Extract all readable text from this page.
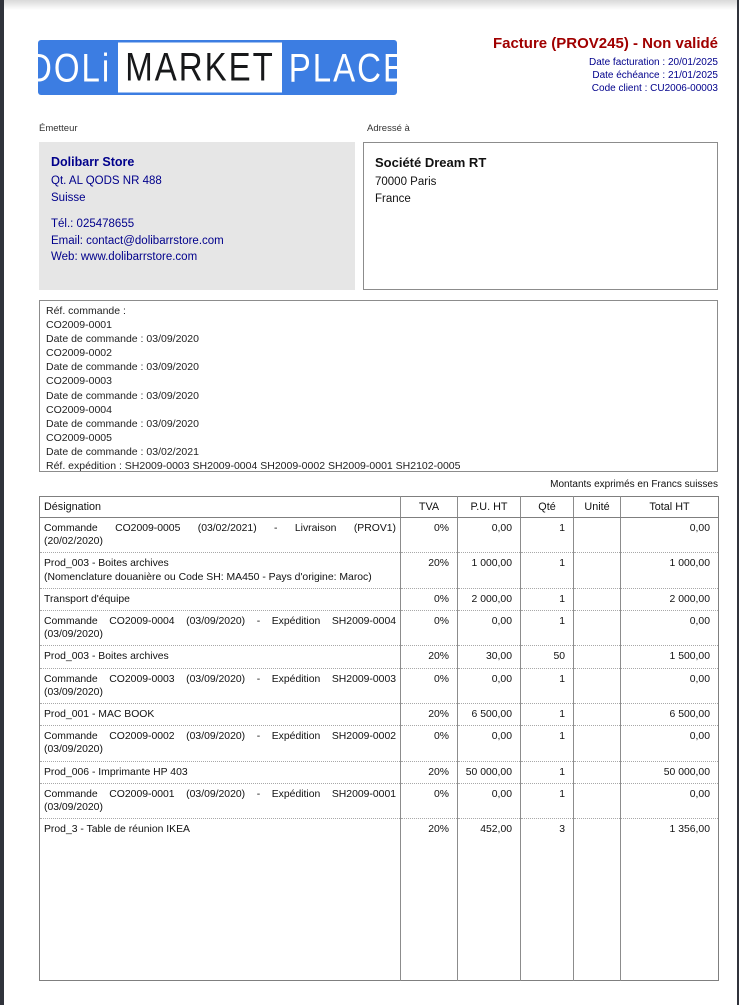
DOLi MARKET PLACE
Facture (PROV245) - Non validé
Date facturation : 20/01/2025
Date échéance : 21/01/2025
Code client : CU2006-00003
Émetteur
Dolibarr Store
Qt. AL QODS NR 488
Suisse
Tél.: 025478655
Email: contact@dolibarrstore.com
Web: www.dolibarrstore.com
Adressé à
Société Dream RT
70000 Paris
France
Réf. commande :
CO2009-0001
Date de commande : 03/09/2020
CO2009-0002
Date de commande : 03/09/2020
CO2009-0003
Date de commande : 03/09/2020
CO2009-0004
Date de commande : 03/09/2020
CO2009-0005
Date de commande : 03/02/2021
Réf. expédition : SH2009-0003 SH2009-0004 SH2009-0002 SH2009-0001 SH2102-0005
Montants exprimés en Francs suisses
Désignation	TVA	P.U. HT	Qté	Unité	Total HT

Commande CO2009-0005 (03/02/2021) - Livraison (PROV1)
(20/02/2020)	0%	0,00	1		0,00

Prod_003 - Boites archives
(Nomenclature douanière ou Code SH: MA450 - Pays d'origine: Maroc)	20%	1 000,00	1		1 000,00

Transport d'équipe	0%	2 000,00	1		2 000,00

Commande CO2009-0004 (03/09/2020) - Expédition SH2009-0004
(03/09/2020)	0%	0,00	1		0,00

Prod_003 - Boites archives	20%	30,00	50		1 500,00

Commande CO2009-0003 (03/09/2020) - Expédition SH2009-0003
(03/09/2020)	0%	0,00	1		0,00

Prod_001 - MAC BOOK	20%	6 500,00	1		6 500,00

Commande CO2009-0002 (03/09/2020) - Expédition SH2009-0002
(03/09/2020)	0%	0,00	1		0,00

Prod_006 - Imprimante HP 403	20%	50 000,00	1		50 000,00

Commande CO2009-0001 (03/09/2020) - Expédition SH2009-0001
(03/09/2020)	0%	0,00	1		0,00

Prod_3 - Table de réunion IKEA	20%	452,00	3		1 356,00
